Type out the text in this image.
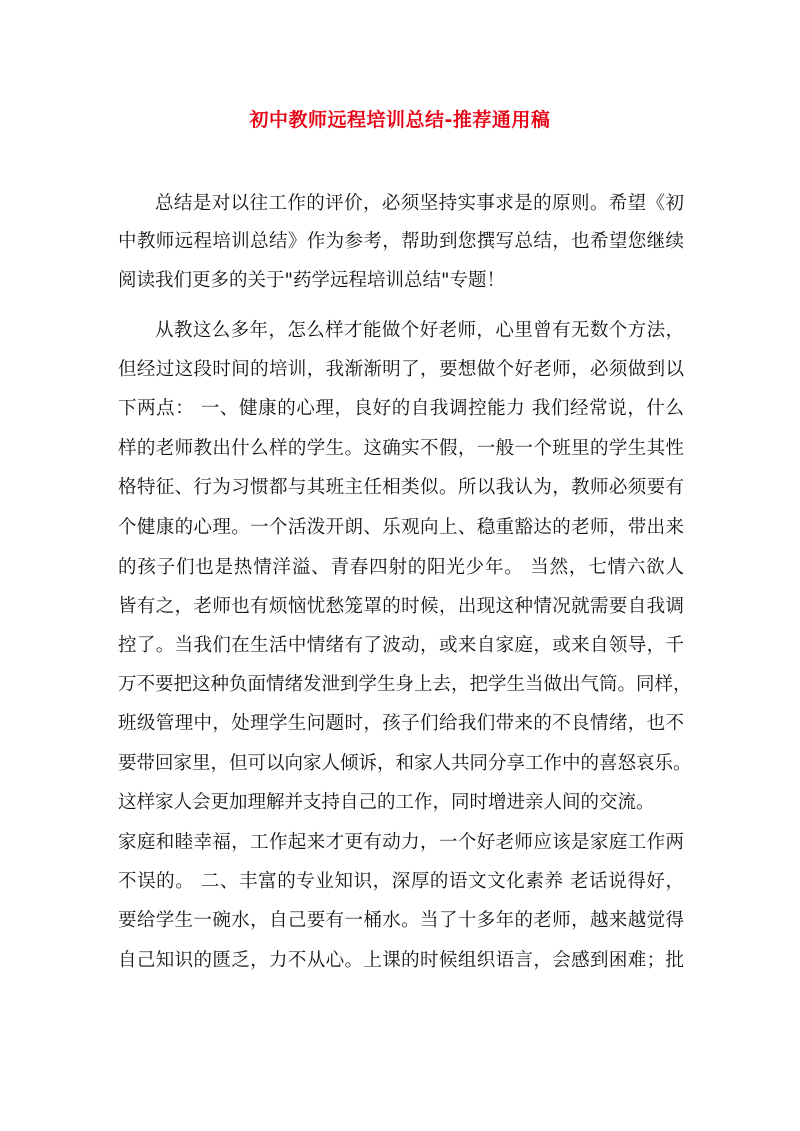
初中教师远程培训总结-推荐通用稿
总结是对以往工作的评价，必须坚持实事求是的原则。希望《初
中教师远程培训总结》作为参考，帮助到您撰写总结，也希望您继续
阅读我们更多的关于"药学远程培训总结"专题！
从教这么多年，怎么样才能做个好老师，心里曾有无数个方法，
但经过这段时间的培训，我渐渐明了，要想做个好老师，必须做到以
下两点： 一、健康的心理，良好的自我调控能力 我们经常说，什么
样的老师教出什么样的学生。这确实不假，一般一个班里的学生其性
格特征、行为习惯都与其班主任相类似。所以我认为，教师必须要有
个健康的心理。一个活泼开朗、乐观向上、稳重豁达的老师，带出来
的孩子们也是热情洋溢、青春四射的阳光少年。 当然，七情六欲人
皆有之，老师也有烦恼忧愁笼罩的时候，出现这种情况就需要自我调
控了。当我们在生活中情绪有了波动，或来自家庭，或来自领导，千
万不要把这种负面情绪发泄到学生身上去，把学生当做出气筒。同样，
班级管理中，处理学生问题时，孩子们给我们带来的不良情绪，也不
要带回家里，但可以向家人倾诉，和家人共同分享工作中的喜怒哀乐。
这样家人会更加理解并支持自己的工作，同时增进亲人间的交流。
家庭和睦幸福，工作起来才更有动力，一个好老师应该是家庭工作两
不误的。 二、丰富的专业知识，深厚的语文文化素养 老话说得好，
要给学生一碗水，自己要有一桶水。当了十多年的老师，越来越觉得
自己知识的匮乏，力不从心。上课的时候组织语言，会感到困难；批
